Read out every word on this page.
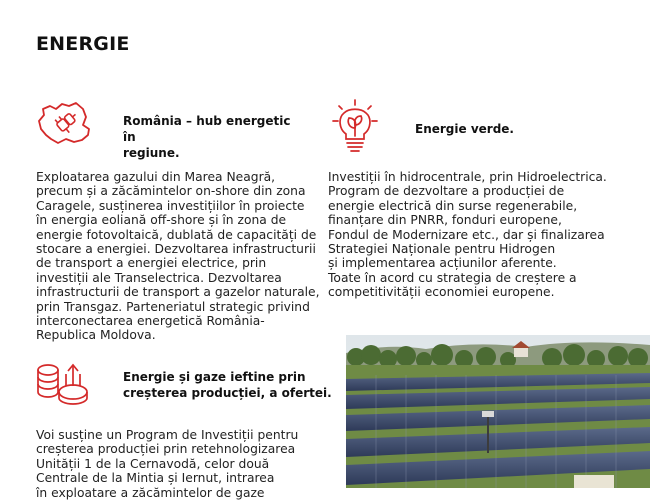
ENERGIE
România – hub energetic în
regiune.
Exploatarea gazului din Marea Neagră,
precum și a zăcămintelor on-shore din zona
Caragele, susținerea investițiilor în proiecte
în energia eoliană off-shore și în zona de
energie fotovoltaică, dublată de capacități de
stocare a energiei. Dezvoltarea infrastructurii
de transport a energiei electrice, prin
investiții ale Transelectrica. Dezvoltarea
infrastructurii de transport a gazelor naturale,
prin Transgaz. Parteneriatul strategic privind
interconectarea energetică România-
Republica Moldova.
Energie verde.
Investiții în hidrocentrale, prin Hidroelectrica.
Program de dezvoltare a producției de
energie electrică din surse regenerabile,
finanțare din PNRR, fonduri europene,
Fondul de Modernizare etc., dar și finalizarea
Strategiei Naționale pentru Hidrogen
și implementarea acțiunilor aferente.
Toate în acord cu strategia de creștere a
competitivității economiei europene.
Energie și gaze ieftine prin
creșterea producției, a ofertei.
Voi susține un Program de Investiții pentru
creșterea producției prin retehnologizarea
Unității 1 de la Cernavodă, celor două
Centrale de la Mintia și Iernut, intrarea
în exploatare a zăcămintelor de gaze
